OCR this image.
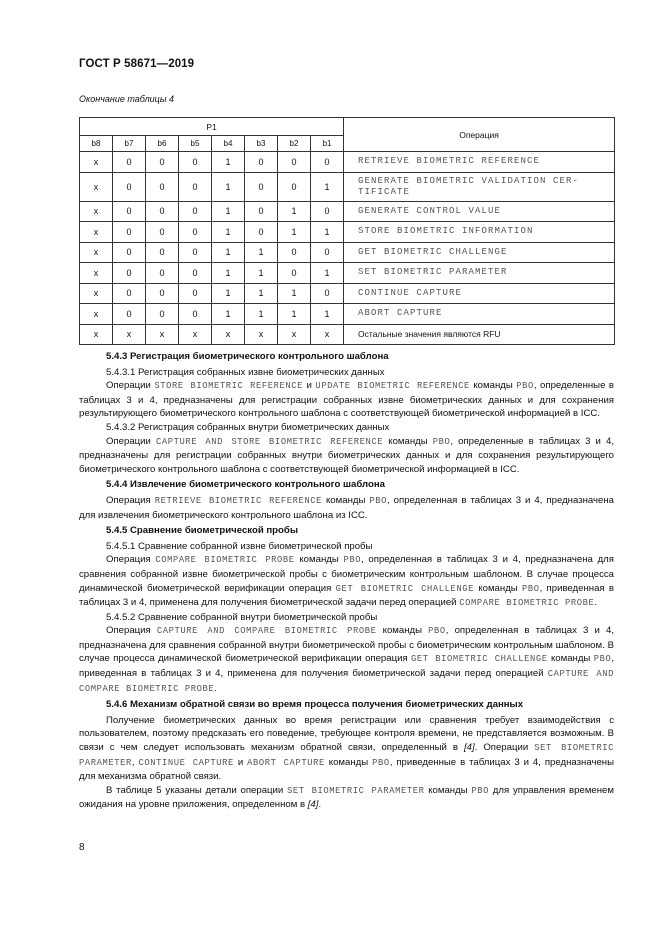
ГОСТ Р 58671—2019
Окончание таблицы 4
P1								Операция
b8	b7	b6	b5	b4	b3	b2	b1	
x	0	0	0	1	0	0	0	RETRIEVE BIOMETRIC REFERENCE
x	0	0	0	1	0	0	1	GENERATE BIOMETRIC VALIDATION CER-
TIFICATE
x	0	0	0	1	0	1	0	GENERATE CONTROL VALUE
x	0	0	0	1	0	1	1	STORE BIOMETRIC INFORMATION
x	0	0	0	1	1	0	0	GET BIOMETRIC CHALLENGE
x	0	0	0	1	1	0	1	SET BIOMETRIC PARAMETER
x	0	0	0	1	1	1	0	CONTINUE CAPTURE
x	0	0	0	1	1	1	1	ABORT CAPTURE
x	x	x	x	x	x	x	x	Остальные значения являются RFU

5.4.3 Регистрация биометрического контрольного шаблона

5.4.3.1 Регистрация собранных извне биометрических данных

Операции STORE BIOMETRIC REFERENCE и UPDATE BIOMETRIC REFERENCE команды PBO, определенные в таблицах 3 и 4, предназначены для регистрации собранных извне биометрических данных и для сохранения результирующего биометрического контрольного шаблона с соответствующей биометрической информацией в ICC.

5.4.3.2 Регистрация собранных внутри биометрических данных

Операции CAPTURE AND STORE BIOMETRIC REFERENCE команды PBO, определенные в таблицах 3 и 4, предназначены для регистрации собранных внутри биометрических данных и для сохранения результирующего биометрического контрольного шаблона с соответствующей биометрической информацией в ICC.

5.4.4 Извлечение биометрического контрольного шаблона

Операция RETRIEVE BIOMETRIC REFERENCE команды PBO, определенная в таблицах 3 и 4, предназначена для извлечения биометрического контрольного шаблона из ICC.

5.4.5 Сравнение биометрической пробы

5.4.5.1 Сравнение собранной извне биометрической пробы

Операция COMPARE BIOMETRIC PROBE команды PBO, определенная в таблицах 3 и 4, предназначена для сравнения собранной извне биометрической пробы с биометрическим контрольным шаблоном. В случае процесса динамической биометрической верификации операция GET BIOMETRIC CHALLENGE команды PBO, приведенная в таблицах 3 и 4, применена для получения биометрической задачи перед операцией COMPARE BIOMETRIC PROBE.

5.4.5.2 Сравнение собранной внутри биометрической пробы

Операция CAPTURE AND COMPARE BIOMETRIC PROBE команды PBO, определенная в таблицах 3 и 4, предназначена для сравнения собранной внутри биометрической пробы с биометрическим контрольным шаблоном. В случае процесса динамической биометрической верификации операция GET BIOMETRIC CHALLENGE команды PBO, приведенная в таблицах 3 и 4, применена для получения биометрической задачи перед операцией CAPTURE AND COMPARE BIOMETRIC PROBE.

5.4.6 Механизм обратной связи во время процесса получения биометрических данных

Получение биометрических данных во время регистрации или сравнения требует взаимодействия с пользователем, поэтому предсказать его поведение, требующее контроля времени, не представляется возможным. В связи с чем следует использовать механизм обратной связи, определенный в [4]. Операции SET BIOMETRIC PARAMETER, CONTINUE CAPTURE и ABORT CAPTURE команды PBO, приведенные в таблицах 3 и 4, предназначены для механизма обратной связи.

В таблице 5 указаны детали операции SET BIOMETRIC PARAMETER команды PBO для управления временем ожидания на уровне приложения, определенном в [4].

8
